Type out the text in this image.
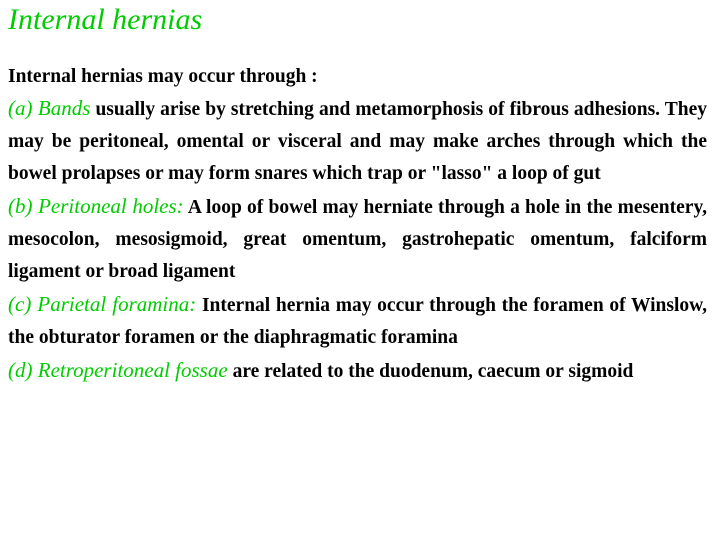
Internal hernias
Internal hernias may occur through :
(a) Bands usually arise by stretching and metamorphosis of fibrous adhesions. They may be peritoneal, omental or visceral and may make arches through which the bowel prolapses or may form snares which trap or "lasso" a loop of gut
(b) Peritoneal holes: A loop of bowel may herniate through a hole in the mesentery, mesocolon, mesosigmoid, great omentum, gastrohepatic omentum, falciform ligament or broad ligament
(c) Parietal foramina: Internal hernia may occur through the foramen of Winslow, the obturator foramen or the diaphragmatic foramina
(d) Retroperitoneal fossae are related to the duodenum, caecum or sigmoid
